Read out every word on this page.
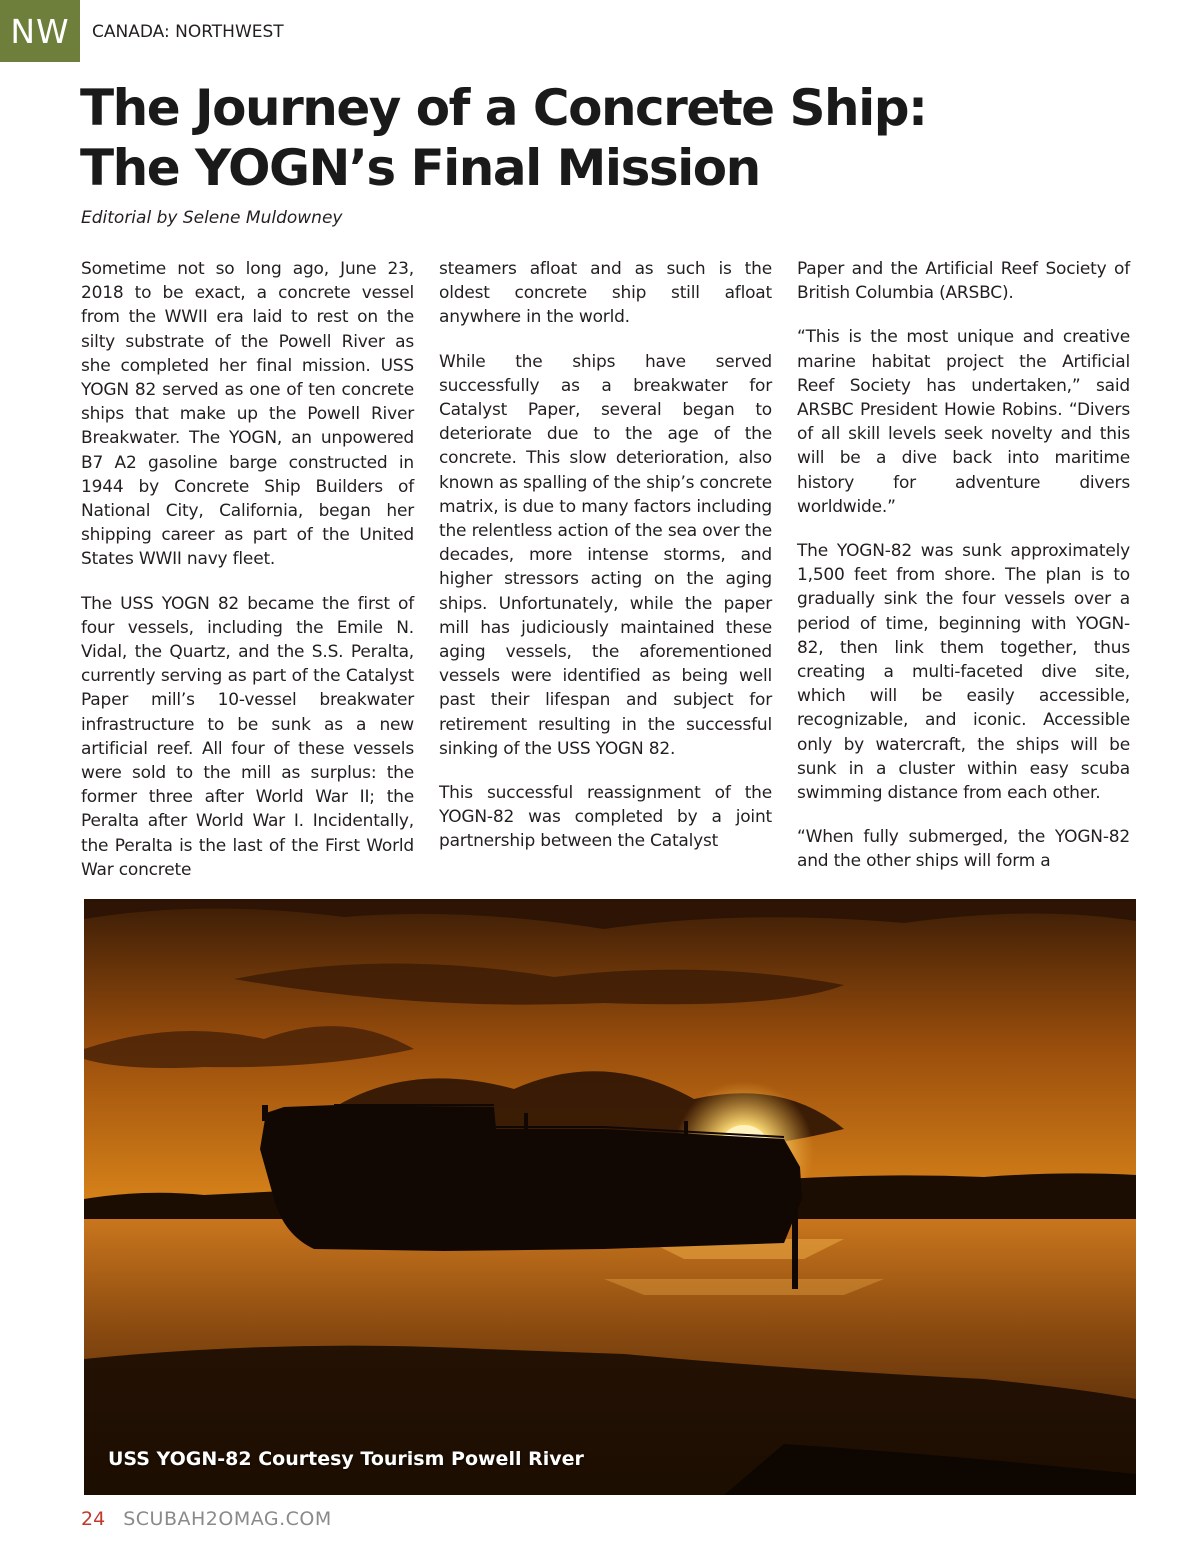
NW	CANADA: NORTHWEST
The Journey of a Concrete Ship:
The YOGN’s Final Mission
Editorial by Selene Muldowney

Sometime not so long ago, June 23, 2018 to be exact, a concrete vessel from the WWII era laid to rest on the silty substrate of the Powell River as she completed her final mission. USS YOGN 82 served as one of ten concrete ships that make up the Powell River Breakwater. The YOGN, an unpowered B7 A2 gasoline barge constructed in 1944 by Concrete Ship Builders of National City, California, began her shipping career as part of the United States WWII navy fleet.

The USS YOGN 82 became the first of four vessels, including the Emile N. Vidal, the Quartz, and the S.S. Peralta, currently serving as part of the Catalyst Paper mill’s 10-vessel breakwater infrastructure to be sunk as a new artificial reef. All four of these vessels were sold to the mill as surplus: the former three after World War II; the Peralta after World War I. Incidentally, the Peralta is the last of the First World War concrete

steamers afloat and as such is the oldest concrete ship still afloat anywhere in the world.

While the ships have served successfully as a breakwater for Catalyst Paper, several began to deteriorate due to the age of the concrete. This slow deterioration, also known as spalling of the ship’s concrete matrix, is due to many factors including the relentless action of the sea over the decades, more intense storms, and higher stressors acting on the aging ships. Unfortunately, while the paper mill has judiciously maintained these aging vessels, the aforementioned vessels were identified as being well past their lifespan and subject for retirement resulting in the successful sinking of the USS YOGN 82.

This successful reassignment of the YOGN-82 was completed by a joint partnership between the Catalyst

Paper and the Artificial Reef Society of British Columbia (ARSBC).

“This is the most unique and creative marine habitat project the Artificial Reef Society has undertaken,” said ARSBC President Howie Robins. “Divers of all skill levels seek novelty and this will be a dive back into maritime history for adventure divers worldwide.”

The YOGN-82 was sunk approximately 1,500 feet from shore. The plan is to gradually sink the four vessels over a period of time, beginning with YOGN-82, then link them together, thus creating a multi-faceted dive site, which will be easily accessible, recognizable, and iconic. Accessible only by watercraft, the ships will be sunk in a cluster within easy scuba swimming distance from each other.

“When fully submerged, the YOGN-82 and the other ships will form a

USS YOGN-82 Courtesy Tourism Powell River
24 SCUBAH2OMAG.COM
